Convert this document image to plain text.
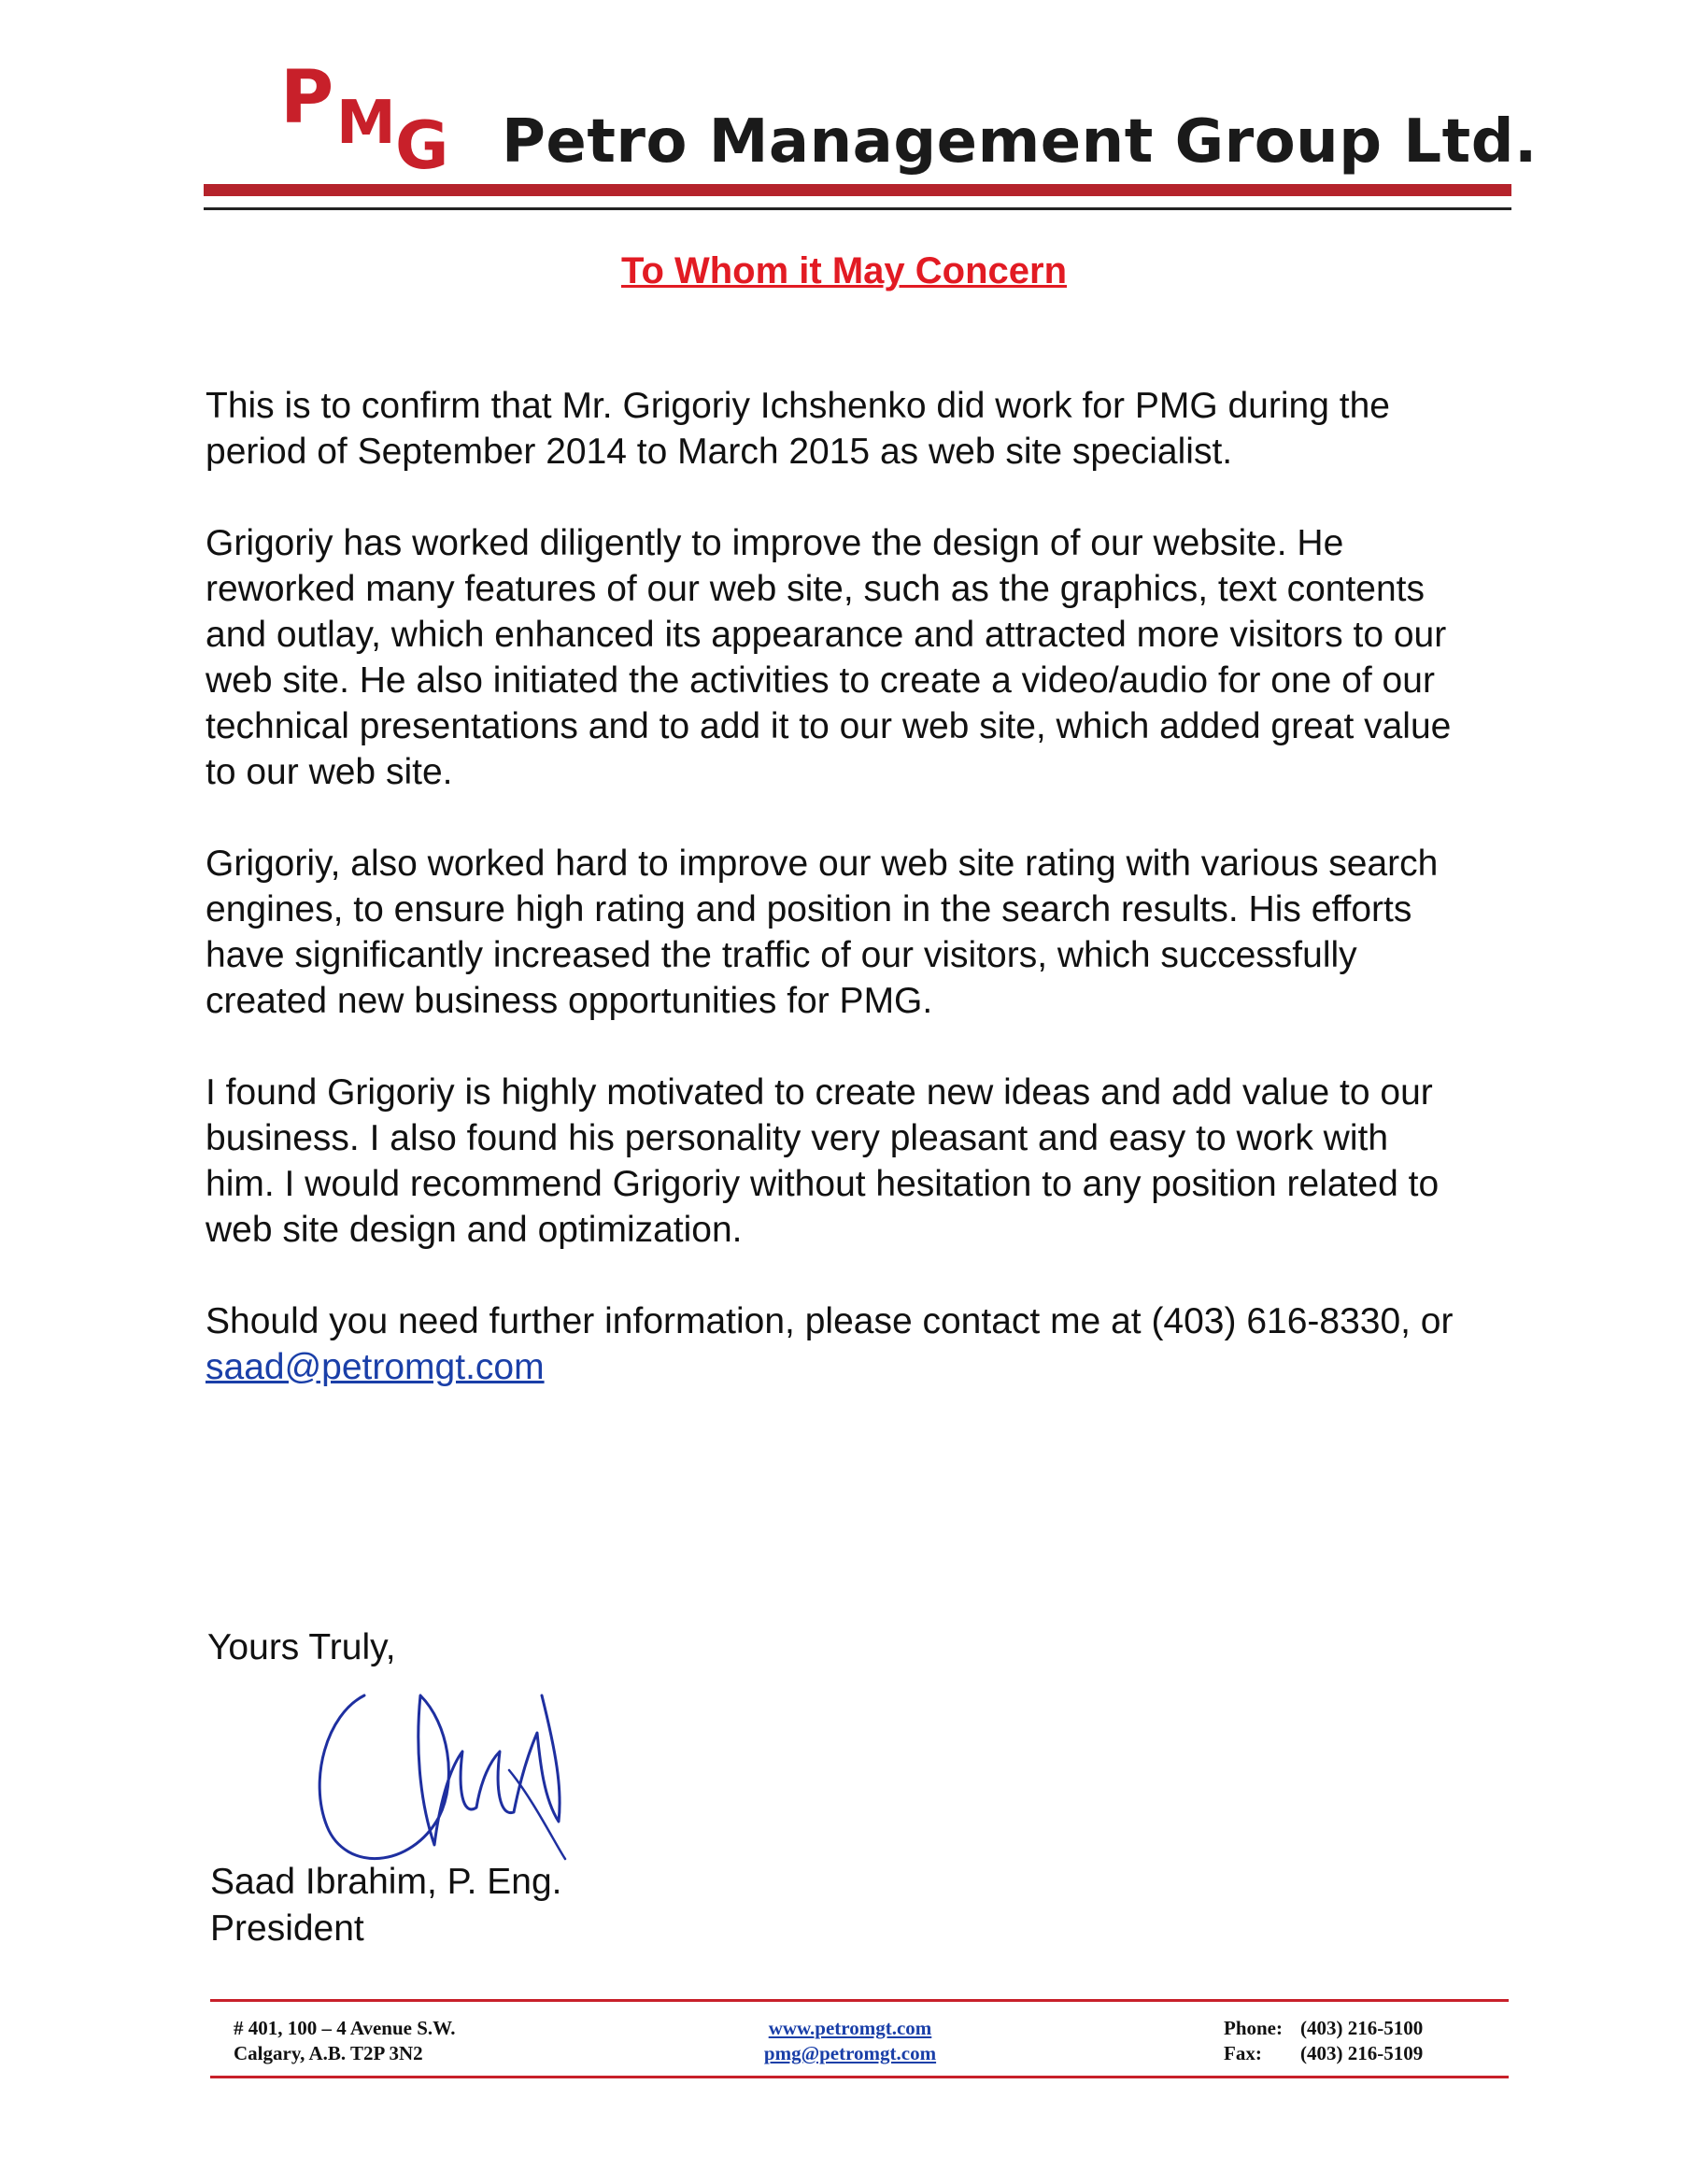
P M G Petro Management Group Ltd.
To Whom it May Concern

This is to confirm that Mr. Grigoriy Ichshenko did work for PMG during the period of September 2014 to March 2015 as web site specialist.

Grigoriy has worked diligently to improve the design of our website. He reworked many features of our web site, such as the graphics, text contents and outlay, which enhanced its appearance and attracted more visitors to our web site. He also initiated the activities to create a video/audio for one of our technical presentations and to add it to our web site, which added great value to our web site.

Grigoriy, also worked hard to improve our web site rating with various search engines, to ensure high rating and position in the search results. His efforts have significantly increased the traffic of our visitors, which successfully created new business opportunities for PMG.

I found Grigoriy is highly motivated to create new ideas and add value to our business. I also found his personality very pleasant and easy to work with him. I would recommend Grigoriy without hesitation to any position related to web site design and optimization.

Should you need further information, please contact me at (403) 616-8330, or saad@petromgt.com

Yours Truly,
Saad Ibrahim, P. Eng.
President
# 401, 100 – 4 Avenue S.W.
Calgary, A.B. T2P 3N2
www.petromgt.com
pmg@petromgt.com
Phone: (403) 216-5100
Fax: (403) 216-5109
